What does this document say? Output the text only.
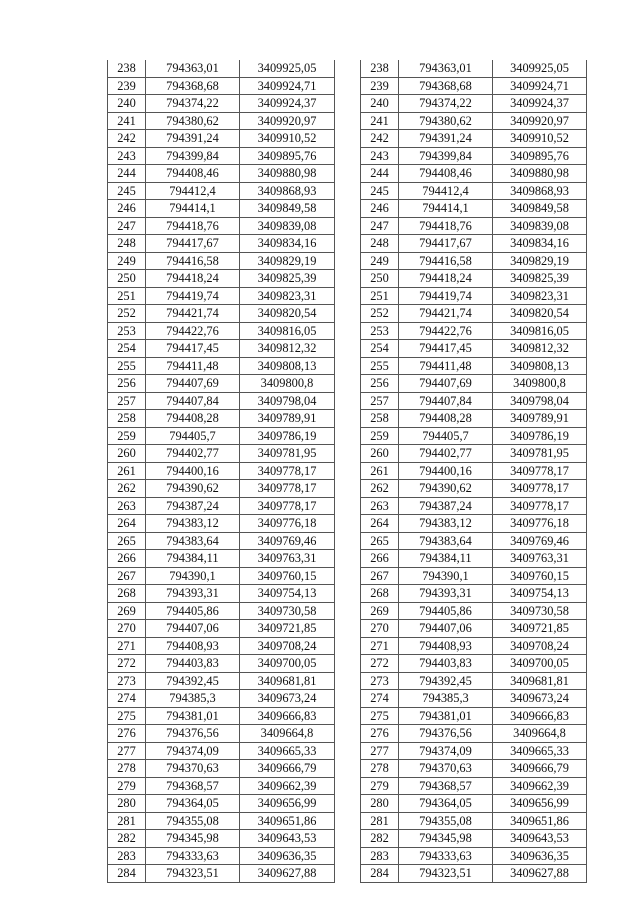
238	794363,01	3409925,05
239	794368,68	3409924,71
240	794374,22	3409924,37
241	794380,62	3409920,97
242	794391,24	3409910,52
243	794399,84	3409895,76
244	794408,46	3409880,98
245	794412,4	3409868,93
246	794414,1	3409849,58
247	794418,76	3409839,08
248	794417,67	3409834,16
249	794416,58	3409829,19
250	794418,24	3409825,39
251	794419,74	3409823,31
252	794421,74	3409820,54
253	794422,76	3409816,05
254	794417,45	3409812,32
255	794411,48	3409808,13
256	794407,69	3409800,8
257	794407,84	3409798,04
258	794408,28	3409789,91
259	794405,7	3409786,19
260	794402,77	3409781,95
261	794400,16	3409778,17
262	794390,62	3409778,17
263	794387,24	3409778,17
264	794383,12	3409776,18
265	794383,64	3409769,46
266	794384,11	3409763,31
267	794390,1	3409760,15
268	794393,31	3409754,13
269	794405,86	3409730,58
270	794407,06	3409721,85
271	794408,93	3409708,24
272	794403,83	3409700,05
273	794392,45	3409681,81
274	794385,3	3409673,24
275	794381,01	3409666,83
276	794376,56	3409664,8
277	794374,09	3409665,33
278	794370,63	3409666,79
279	794368,57	3409662,39
280	794364,05	3409656,99
281	794355,08	3409651,86
282	794345,98	3409643,53
283	794333,63	3409636,35
284	794323,51	3409627,88
238	794363,01	3409925,05
239	794368,68	3409924,71
240	794374,22	3409924,37
241	794380,62	3409920,97
242	794391,24	3409910,52
243	794399,84	3409895,76
244	794408,46	3409880,98
245	794412,4	3409868,93
246	794414,1	3409849,58
247	794418,76	3409839,08
248	794417,67	3409834,16
249	794416,58	3409829,19
250	794418,24	3409825,39
251	794419,74	3409823,31
252	794421,74	3409820,54
253	794422,76	3409816,05
254	794417,45	3409812,32
255	794411,48	3409808,13
256	794407,69	3409800,8
257	794407,84	3409798,04
258	794408,28	3409789,91
259	794405,7	3409786,19
260	794402,77	3409781,95
261	794400,16	3409778,17
262	794390,62	3409778,17
263	794387,24	3409778,17
264	794383,12	3409776,18
265	794383,64	3409769,46
266	794384,11	3409763,31
267	794390,1	3409760,15
268	794393,31	3409754,13
269	794405,86	3409730,58
270	794407,06	3409721,85
271	794408,93	3409708,24
272	794403,83	3409700,05
273	794392,45	3409681,81
274	794385,3	3409673,24
275	794381,01	3409666,83
276	794376,56	3409664,8
277	794374,09	3409665,33
278	794370,63	3409666,79
279	794368,57	3409662,39
280	794364,05	3409656,99
281	794355,08	3409651,86
282	794345,98	3409643,53
283	794333,63	3409636,35
284	794323,51	3409627,88
